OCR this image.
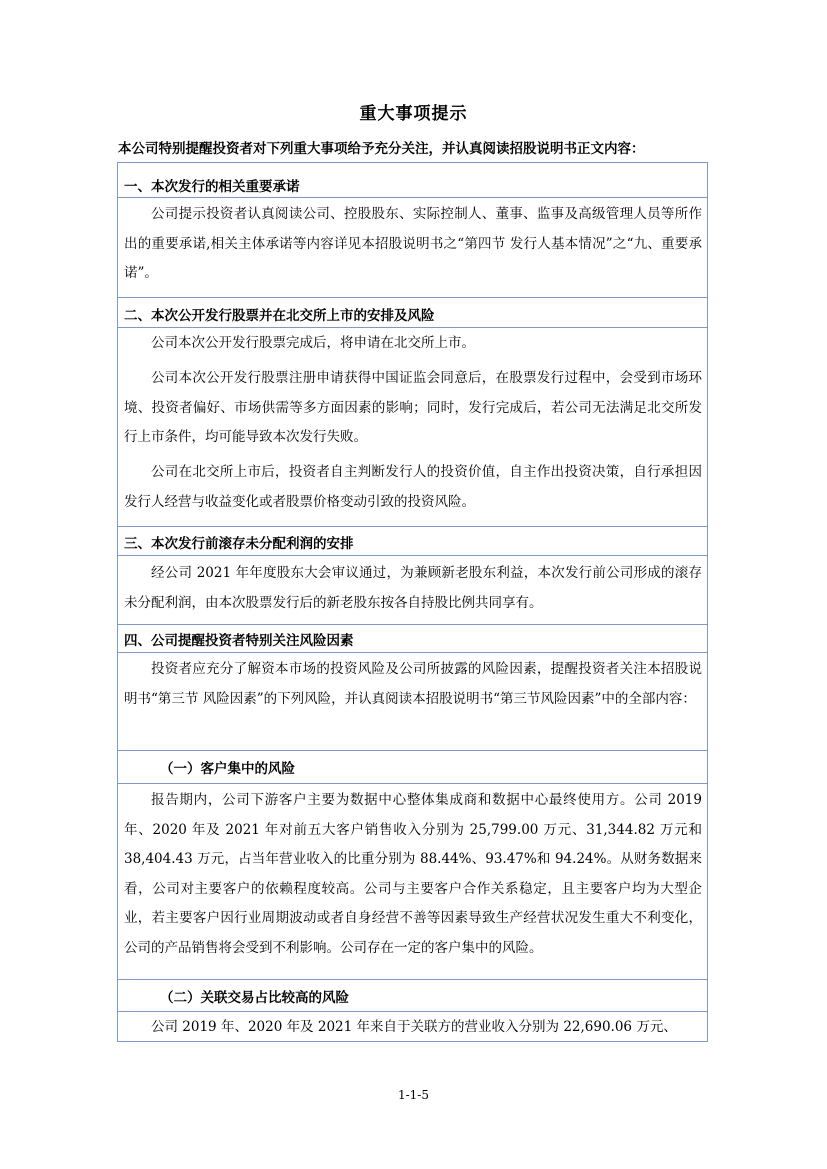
重大事项提示
本公司特别提醒投资者对下列重大事项给予充分关注，并认真阅读招股说明书正文内容：
一、本次发行的相关重要承诺
公司提示投资者认真阅读公司、控股股东、实际控制人、董事、监事及高级管理人员等所作出的重要承诺,相关主体承诺等内容详见本招股说明书之“第四节 发行人基本情况”之“九、重要承诺”。
二、本次公开发行股票并在北交所上市的安排及风险
公司本次公开发行股票完成后，将申请在北交所上市。
公司本次公开发行股票注册申请获得中国证监会同意后，在股票发行过程中，会受到市场环境、投资者偏好、市场供需等多方面因素的影响；同时，发行完成后，若公司无法满足北交所发行上市条件，均可能导致本次发行失败。
公司在北交所上市后，投资者自主判断发行人的投资价值，自主作出投资决策，自行承担因发行人经营与收益变化或者股票价格变动引致的投资风险。
三、本次发行前滚存未分配利润的安排
经公司 2021 年年度股东大会审议通过，为兼顾新老股东利益，本次发行前公司形成的滚存未分配利润，由本次股票发行后的新老股东按各自持股比例共同享有。
四、公司提醒投资者特别关注风险因素
投资者应充分了解资本市场的投资风险及公司所披露的风险因素，提醒投资者关注本招股说明书“第三节 风险因素”的下列风险，并认真阅读本招股说明书“第三节风险因素”中的全部内容：
（一）客户集中的风险
报告期内，公司下游客户主要为数据中心整体集成商和数据中心最终使用方。公司 2019 年、2020 年及 2021 年对前五大客户销售收入分别为 25,799.00 万元、31,344.82 万元和 38,404.43 万元，占当年营业收入的比重分别为 88.44%、93.47%和 94.24%。从财务数据来看，公司对主要客户的依赖程度较高。公司与主要客户合作关系稳定，且主要客户均为大型企业，若主要客户因行业周期波动或者自身经营不善等因素导致生产经营状况发生重大不利变化，公司的产品销售将会受到不利影响。公司存在一定的客户集中的风险。
（二）关联交易占比较高的风险
公司 2019 年、2020 年及 2021 年来自于关联方的营业收入分别为 22,690.06 万元、
1-1-5
